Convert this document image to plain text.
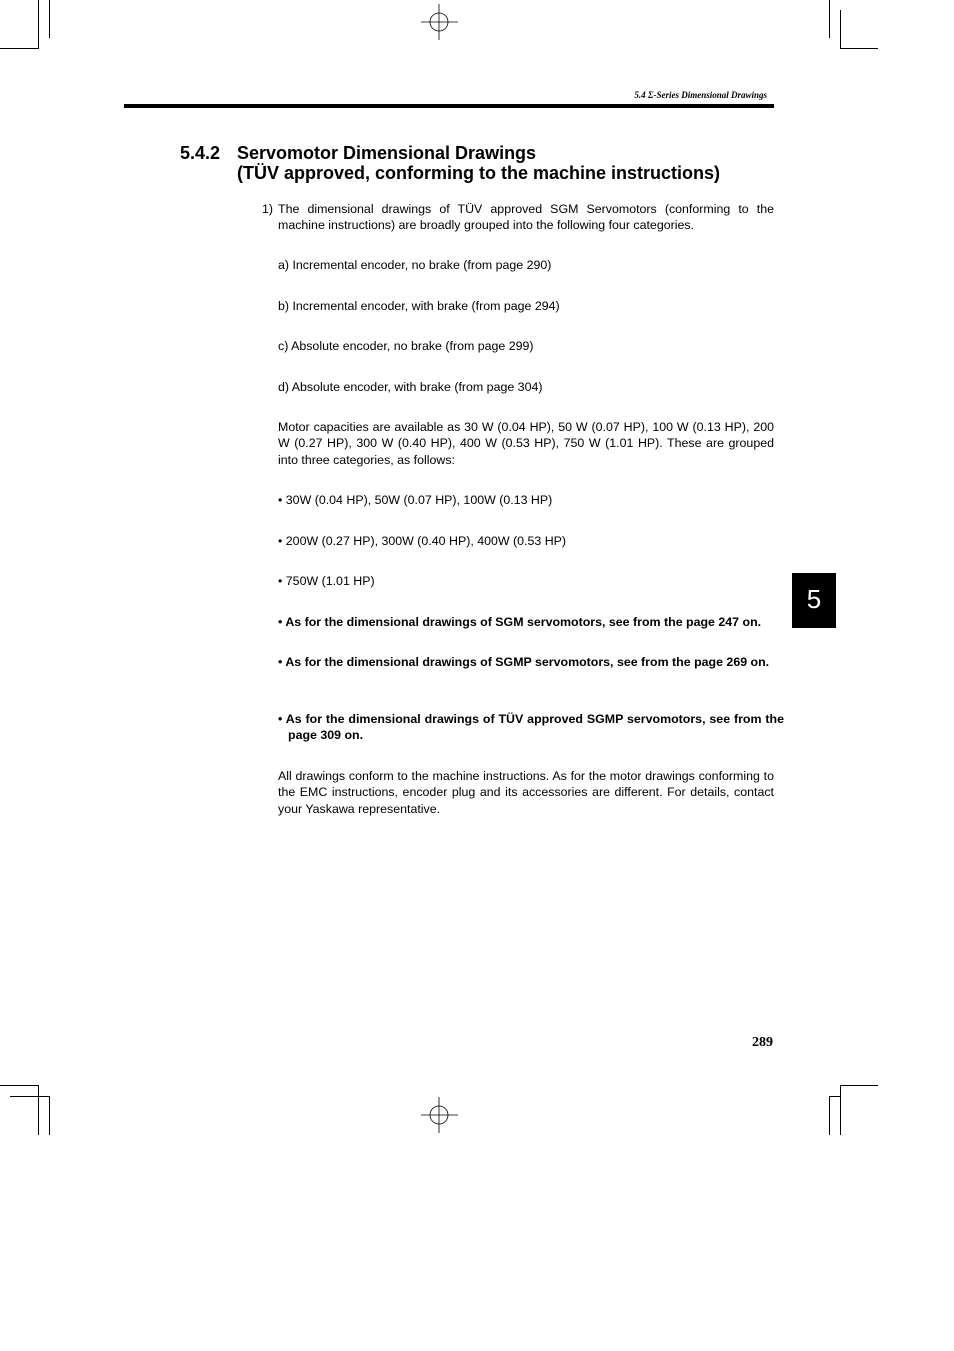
5.4 Σ-Series Dimensional Drawings
5.4.2 Servomotor Dimensional Drawings
(TÜV approved, conforming to the machine instructions)
1) The dimensional drawings of TÜV approved SGM Servomotors (conforming to the machine instructions) are broadly grouped into the following four categories.
a) Incremental encoder, no brake (from page 290)
b) Incremental encoder, with brake (from page 294)
c) Absolute encoder, no brake (from page 299)
d) Absolute encoder, with brake (from page 304)
Motor capacities are available as 30 W (0.04 HP), 50 W (0.07 HP), 100 W (0.13 HP), 200 W (0.27 HP), 300 W (0.40 HP), 400 W (0.53 HP), 750 W (1.01 HP). These are grouped into three categories, as follows:
• 30W (0.04 HP), 50W (0.07 HP), 100W (0.13 HP)
• 200W (0.27 HP), 300W (0.40 HP), 400W (0.53 HP)
• 750W (1.01 HP)
• As for the dimensional drawings of SGM servomotors, see from the page 247 on.
• As for the dimensional drawings of SGMP servomotors, see from the page 269 on.
• As for the dimensional drawings of TÜV approved SGMP servomotors, see from the page 309 on.
All drawings conform to the machine instructions. As for the motor drawings conforming to the EMC instructions, encoder plug and its accessories are different. For details, contact your Yaskawa representative.
5
289
